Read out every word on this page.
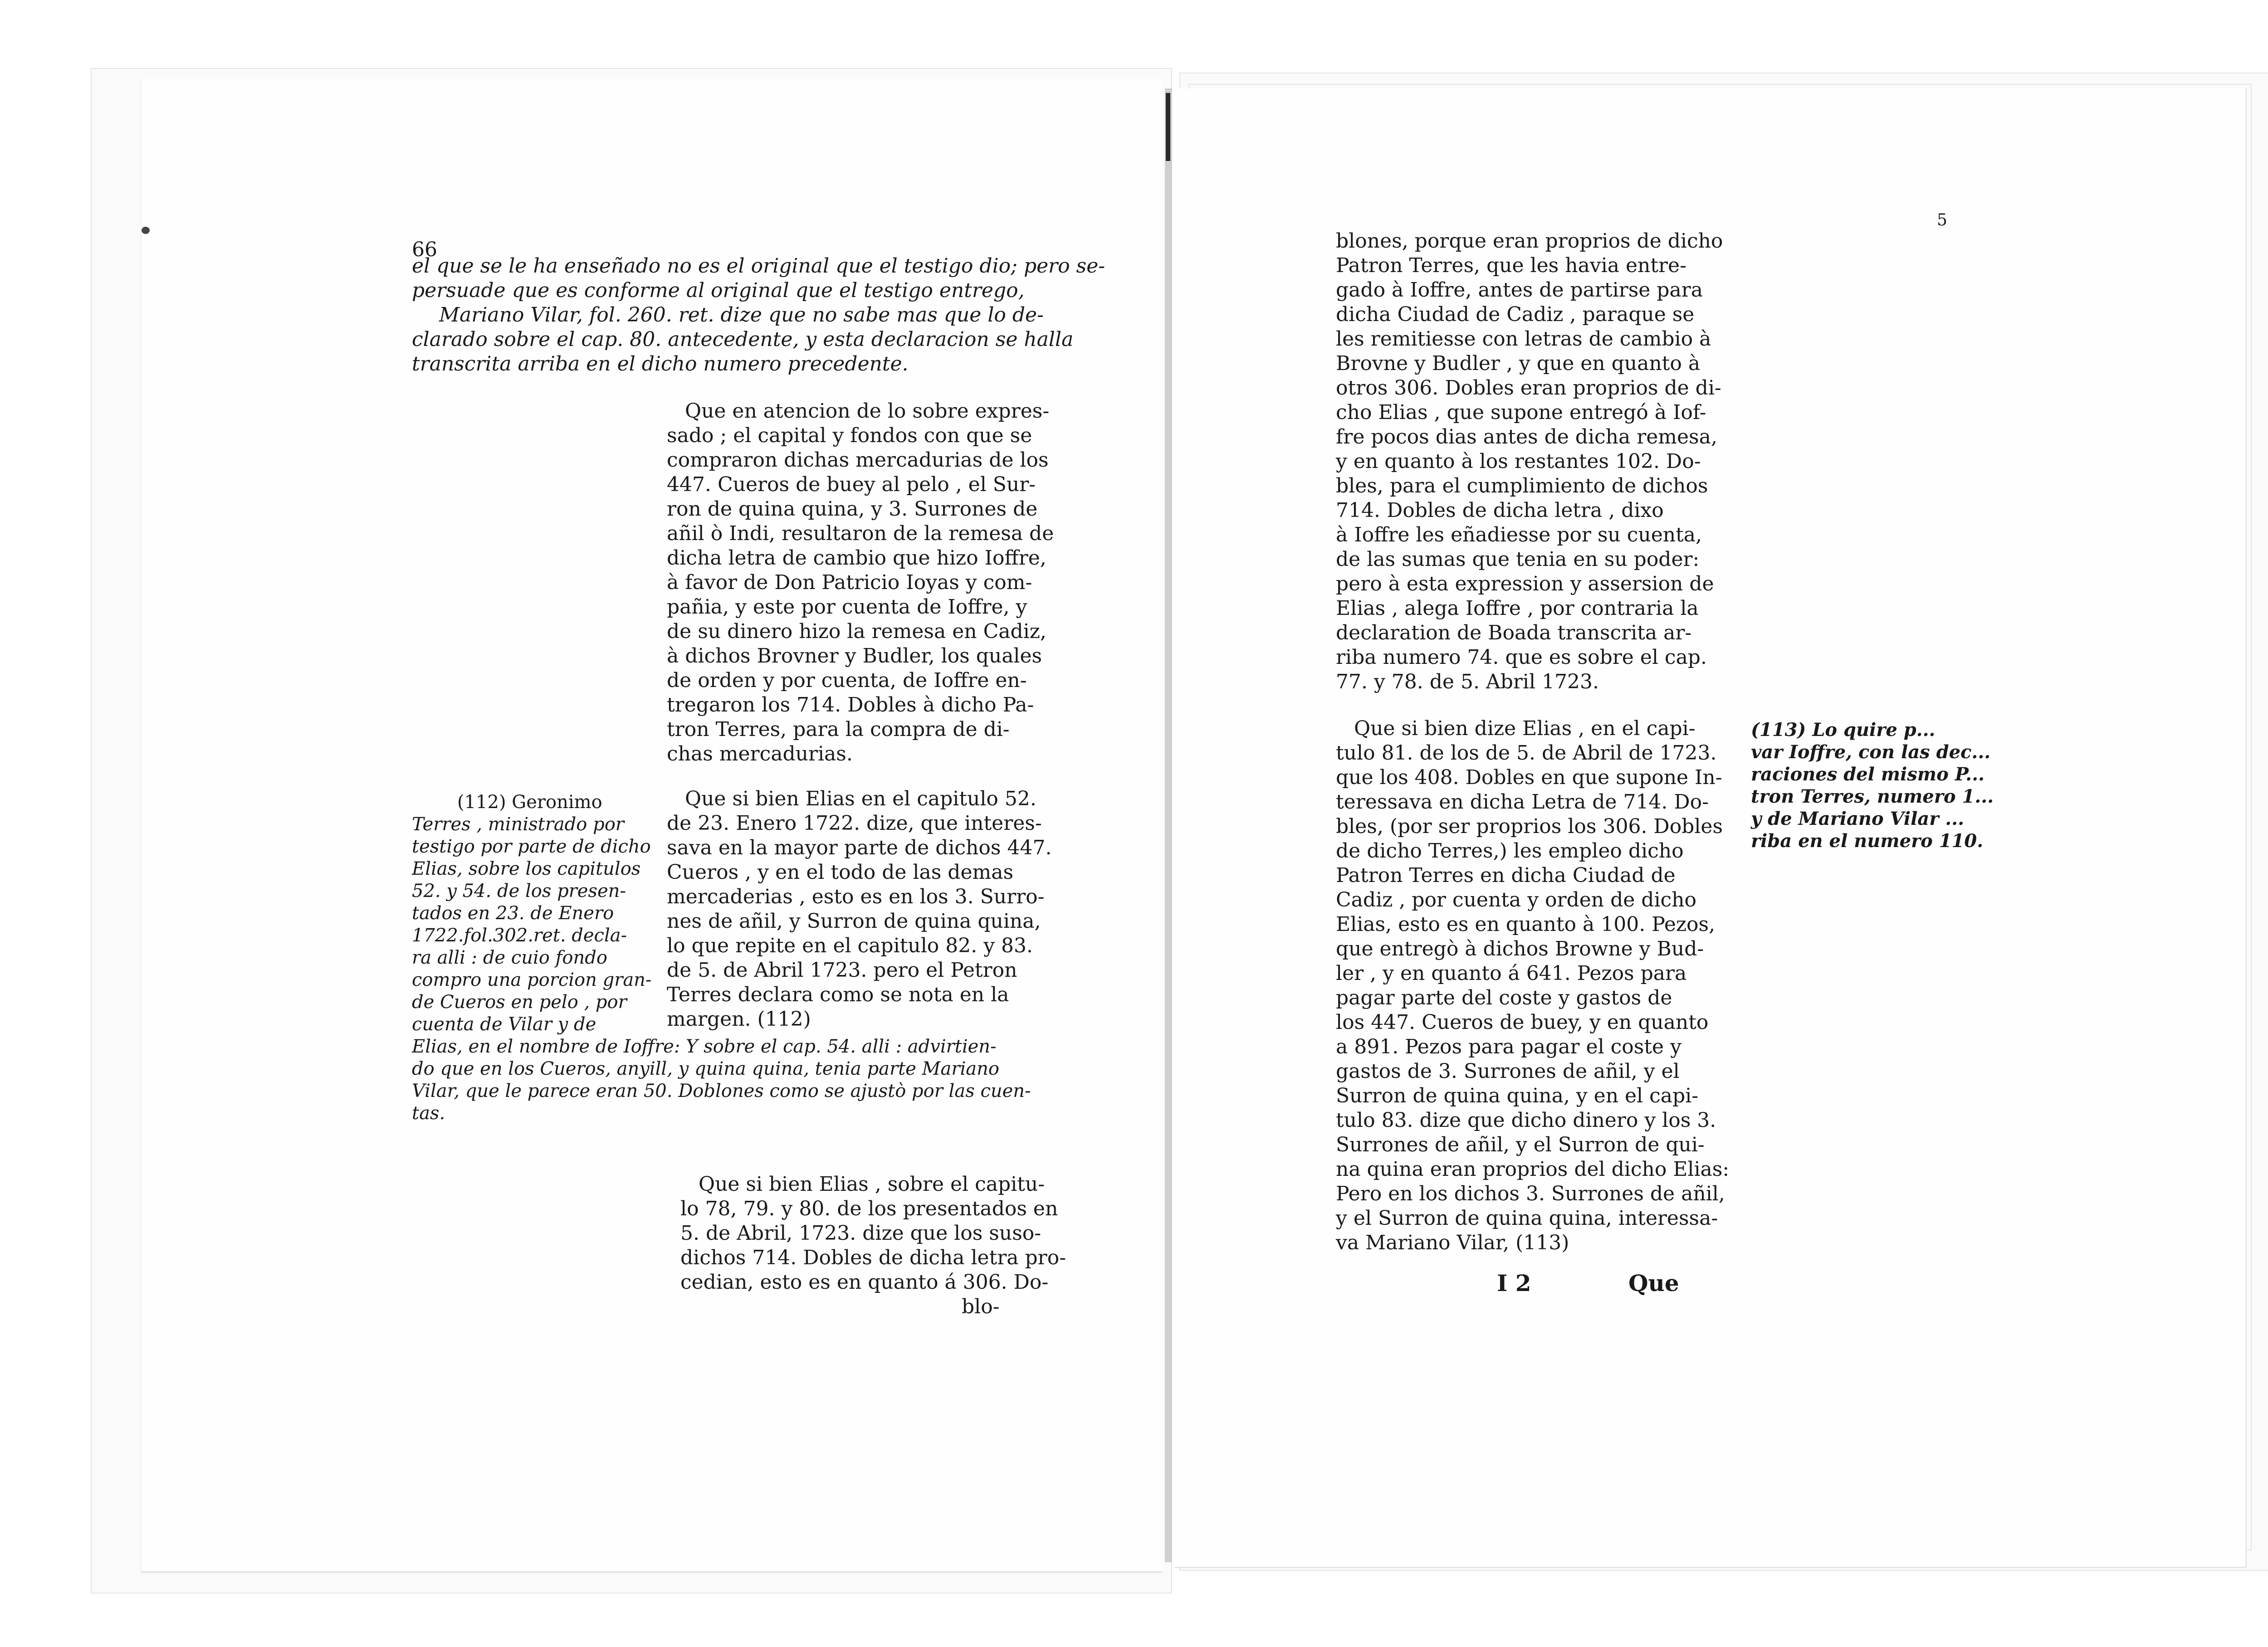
66
el que se le ha enseñado no es el original que el testigo dio; pero se-
persuade que es conforme al original que el testigo entrego,
Mariano Vilar, fol. 260. ret. dize que no sabe mas que lo de-
clarado sobre el cap. 80. antecedente, y esta declaracion se halla
transcrita arriba en el dicho numero precedente.
Que en atencion de lo sobre expres-
sado ; el capital y fondos con que se
compraron dichas mercadurias de los
447. Cueros de buey al pelo , el Sur-
ron de quina quina, y 3. Surrones de
añil ò Indi, resultaron de la remesa de
dicha letra de cambio que hizo Ioffre,
à favor de Don Patricio Ioyas y com-
pañia, y este por cuenta de Ioffre, y
de su dinero hizo la remesa en Cadiz,
à dichos Brovner y Budler, los quales
de orden y por cuenta, de Ioffre en-
tregaron los 714. Dobles à dicho Pa-
tron Terres, para la compra de di-
chas mercadurias.
(112) Geronimo
Terres , ministrado por
testigo por parte de dicho
Elias, sobre los capitulos
52. y 54. de los presen-
tados en 23. de Enero
1722.fol.302.ret. decla-
ra alli : de cuio fondo
compro una porcion gran-
de Cueros en pelo , por
cuenta de Vilar y de
Elias, en el nombre de Ioffre: Y sobre el cap. 54. alli : advirtien-
do que en los Cueros, anyill, y quina quina, tenia parte Mariano
Vilar, que le parece eran 50. Doblones como se ajustò por las cuen-
tas.
Que si bien Elias en el capitulo 52.
de 23. Enero 1722. dize, que interes-
sava en la mayor parte de dichos 447.
Cueros , y en el todo de las demas
mercaderias , esto es en los 3. Surro-
nes de añil, y Surron de quina quina,
lo que repite en el capitulo 82. y 83.
de 5. de Abril 1723. pero el Petron
Terres declara como se nota en la
margen. (112)
Que si bien Elias , sobre el capitu-
lo 78, 79. y 80. de los presentados en
5. de Abril, 1723. dize que los suso-
dichos 714. Dobles de dicha letra pro-
cedian, esto es en quanto á 306. Do-
blo-
5
blones, porque eran proprios de dicho
Patron Terres, que les havia entre-
gado à Ioffre, antes de partirse para
dicha Ciudad de Cadiz , paraque se
les remitiesse con letras de cambio à
Brovne y Budler , y que en quanto à
otros 306. Dobles eran proprios de di-
cho Elias , que supone entregó à Iof-
fre pocos dias antes de dicha remesa,
y en quanto à los restantes 102. Do-
bles, para el cumplimiento de dichos
714. Dobles de dicha letra , dixo
à Ioffre les eñadiesse por su cuenta,
de las sumas que tenia en su poder:
pero à esta expression y assersion de
Elias , alega Ioffre , por contraria la
declaration de Boada transcrita ar-
riba numero 74. que es sobre el cap.
77. y 78. de 5. Abril 1723.
Que si bien dize Elias , en el capi-
tulo 81. de los de 5. de Abril de 1723.
que los 408. Dobles en que supone In-
teressava en dicha Letra de 714. Do-
bles, (por ser proprios los 306. Dobles
de dicho Terres,) les empleo dicho
Patron Terres en dicha Ciudad de
Cadiz , por cuenta y orden de dicho
Elias, esto es en quanto à 100. Pezos,
que entregò à dichos Browne y Bud-
ler , y en quanto á 641. Pezos para
pagar parte del coste y gastos de
los 447. Cueros de buey, y en quanto
a 891. Pezos para pagar el coste y
gastos de 3. Surrones de añil, y el
Surron de quina quina, y en el capi-
tulo 83. dize que dicho dinero y los 3.
Surrones de añil, y el Surron de qui-
na quina eran proprios del dicho Elias:
Pero en los dichos 3. Surrones de añil,
y el Surron de quina quina, interessa-
va Mariano Vilar, (113)
(113) Lo quire p...
var Ioffre, con las dec...
raciones del mismo P...
tron Terres, numero 1...
y de Mariano Vilar ...
riba en el numero 110.
I 2	Que
